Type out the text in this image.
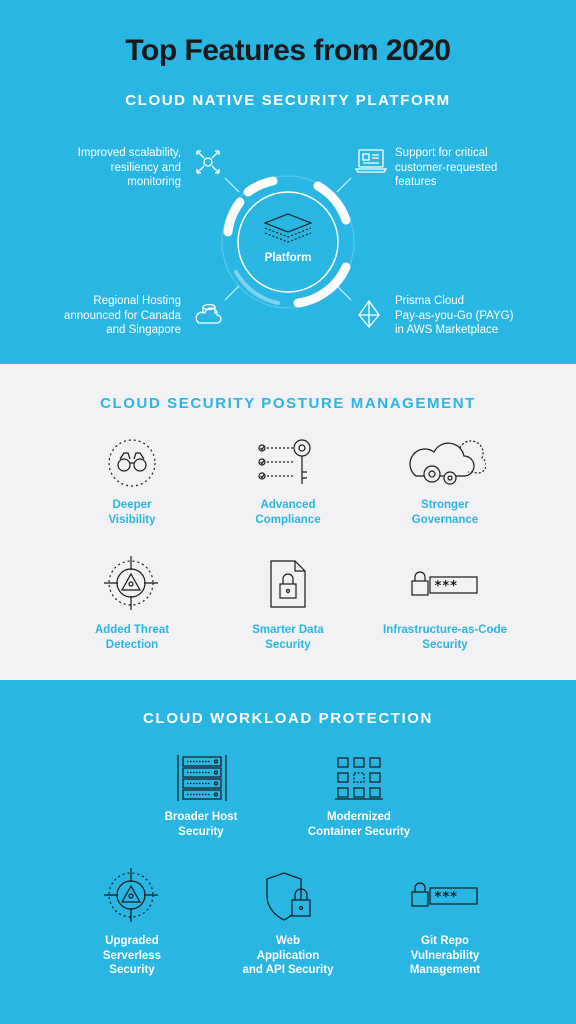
Top Features from 2020
CLOUD NATIVE SECURITY PLATFORM
Improved scalability,
resiliency and
monitoring
Support for critical
customer-requested
features
Regional Hosting
announced for Canada
and Singapore
Prisma Cloud
Pay-as-you-Go (PAYG)
in AWS Marketplace
Platform
CLOUD SECURITY POSTURE MANAGEMENT
Deeper
Visibility
Advanced
Compliance
Stronger
Governance
***
Added Threat
Detection
Smarter Data
Security
Infrastructure-as-Code
Security
CLOUD WORKLOAD PROTECTION
Broader Host
Security
Modernized
Container Security
***
Upgraded
Serverless
Security
Web
Application
and API Security
Git Repo
Vulnerability
Management
